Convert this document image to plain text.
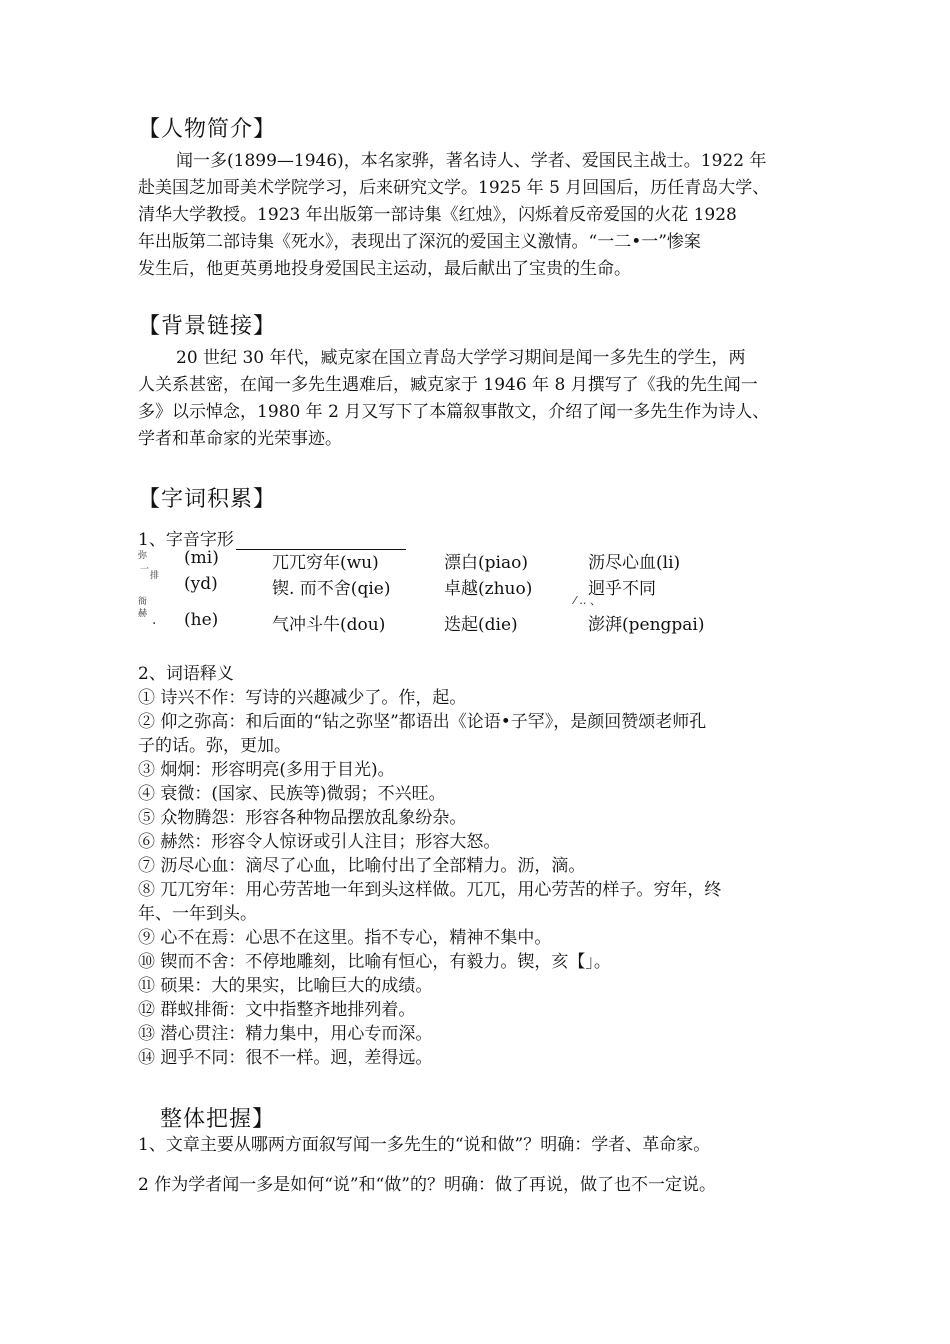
【人物简介】
闻一多(1899—1946)，本名家骅，著名诗人、学者、爱国民主战士。1922 年
赴美国芝加哥美术学院学习，后来研究文学。1925 年 5 月回国后，历任青岛大学、
清华大学教授。1923 年出版第一部诗集《红烛》，闪烁着反帝爱国的火花 1928
年出版第二部诗集《死水》，表现出了深沉的爱国主义激情。“一二•一”惨案
发生后，他更英勇地投身爱国民主运动，最后献出了宝贵的生命。
【背景链接】
20 世纪 30 年代，臧克家在国立青岛大学学习期间是闻一多先生的学生，两
人关系甚密，在闻一多先生遇难后，臧克家于 1946 年 8 月撰写了《我的先生闻一
多》以示悼念，1980 年 2 月又写下了本篇叙事散文，介绍了闻一多先生作为诗人、
学者和革命家的光荣事迹。
【字词积累】
1、字音字形
弥
一
排
衙
赫 .
(mi)	兀兀穷年(wu)	漂白(piao)	沥尽心血(li)
(yd)	锲. 而不舍(qie)	卓越(zhuo)	迥乎不同
⁄ .. 、
(he)	气冲斗牛(dou)	迭起(die)	澎湃(pengpai)
2、词语释义
① 诗兴不作：写诗的兴趣减少了。作，起。
② 仰之弥高：和后面的“钻之弥坚”都语出《论语•子罕》，是颜回赞颂老师孔
子的话。弥，更加。
③ 炯炯：形容明亮(多用于目光)。
④ 衰微：(国家、民族等)微弱；不兴旺。
⑤ 众物腾怨：形容各种物品摆放乱象纷杂。
⑥ 赫然：形容令人惊讶或引人注目；形容大怒。
⑦ 沥尽心血：滴尽了心血，比喻付出了全部精力。沥，滴。
⑧ 兀兀穷年：用心劳苦地一年到头这样做。兀兀，用心劳苦的样子。穷年，终
年、一年到头。
⑨ 心不在焉：心思不在这里。指不专心，精神不集中。
⑩ 锲而不舍：不停地雕刻，比喻有恒心，有毅力。锲，亥【」。
⑪ 硕果：大的果实，比喻巨大的成绩。
⑫ 群蚁排衙：文中指整齐地排列着。
⑬ 潜心贯注：精力集中，用心专而深。
⑭ 迥乎不同：很不一样。迥，差得远。
整体把握】
1、文章主要从哪两方面叙写闻一多先生的“说和做”？明确：学者、革命家。
2 作为学者闻一多是如何“说”和“做”的？明确：做了再说，做了也不一定说。
